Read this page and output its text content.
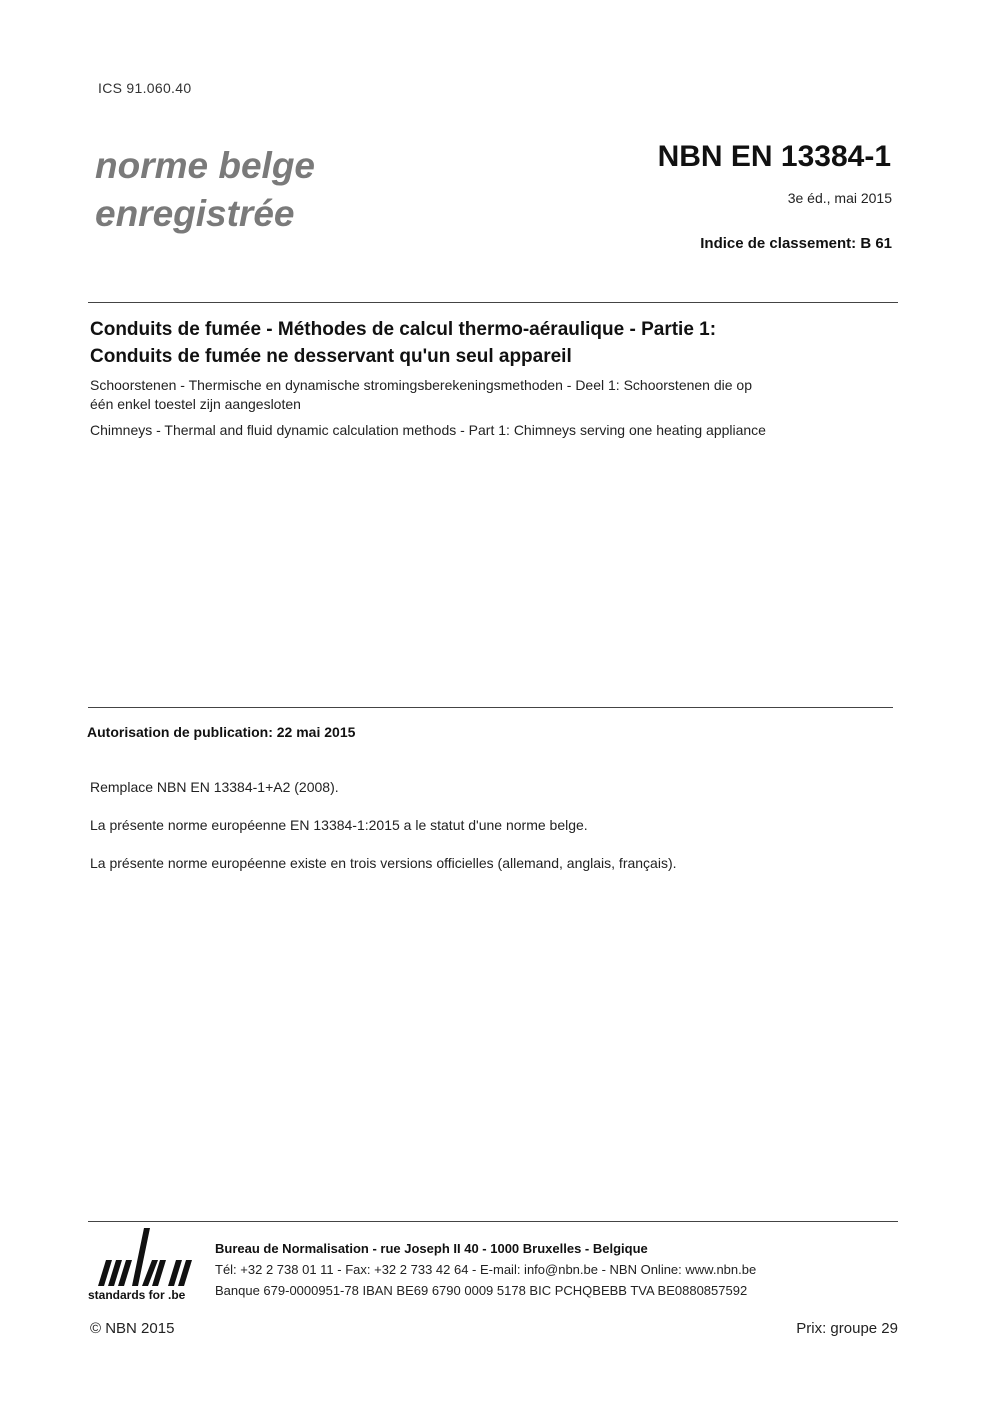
ICS 91.060.40
norme belge
enregistrée
NBN EN 13384-1
3e éd., mai 2015
Indice de classement: B 61
Conduits de fumée - Méthodes de calcul thermo-aéraulique - Partie 1:
Conduits de fumée ne desservant qu'un seul appareil
Schoorstenen - Thermische en dynamische stromingsberekeningsmethoden - Deel 1: Schoorstenen die op
één enkel toestel zijn aangesloten
Chimneys - Thermal and fluid dynamic calculation methods - Part 1: Chimneys serving one heating appliance
Autorisation de publication: 22 mai 2015
Remplace NBN EN 13384-1+A2 (2008).
La présente norme européenne EN 13384-1:2015 a le statut d'une norme belge.
La présente norme européenne existe en trois versions officielles (allemand, anglais, français).
standards for .be
Bureau de Normalisation - rue Joseph II 40 - 1000 Bruxelles - Belgique
Tél: +32 2 738 01 11 - Fax: +32 2 733 42 64 - E-mail: info@nbn.be - NBN Online: www.nbn.be
Banque 679-0000951-78 IBAN BE69 6790 0009 5178 BIC PCHQBEBB TVA BE0880857592
© NBN 2015	Prix: groupe 29
